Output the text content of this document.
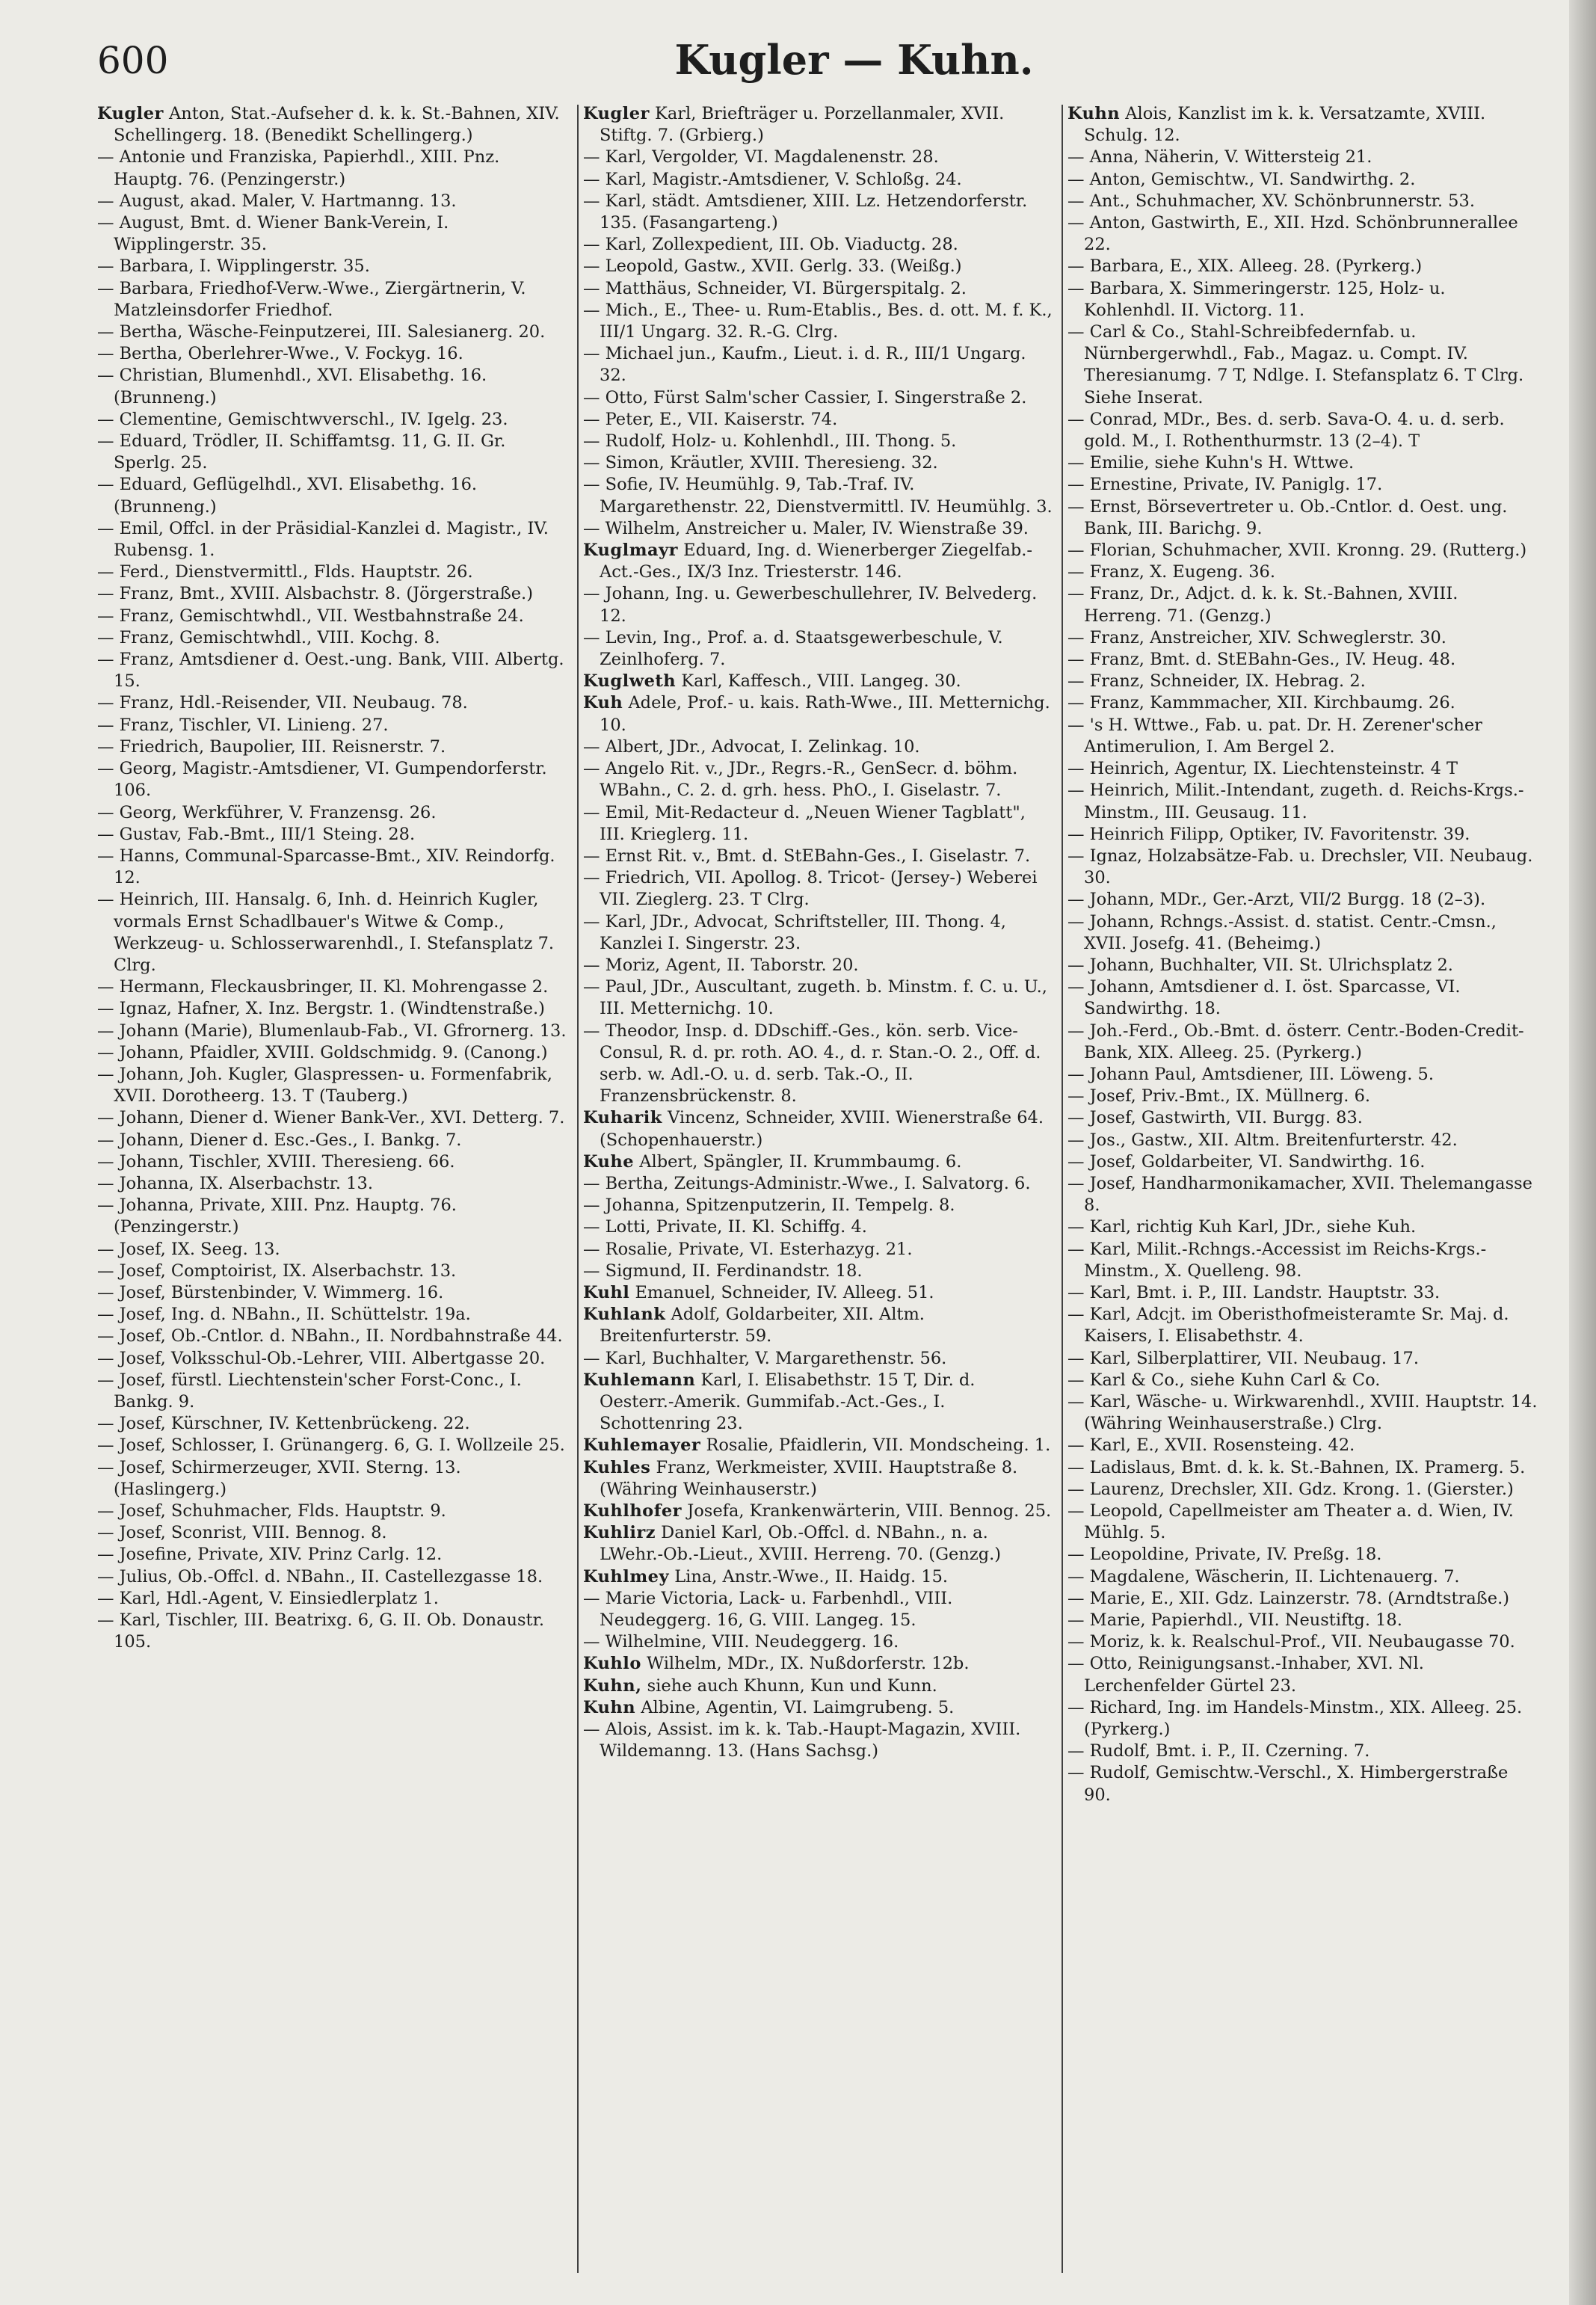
600	Kugler — Kuhn.

Kugler Anton, Stat.-Aufseher d. k. k. St.-Bahnen, XIV. Schellingerg. 18. (Benedikt Schellingerg.)

— Antonie und Franziska, Papierhdl., XIII. Pnz. Hauptg. 76. (Penzingerstr.)

— August, akad. Maler, V. Hartmanng. 13.

— August, Bmt. d. Wiener Bank-Verein, I. Wipplingerstr. 35.

— Barbara, I. Wipplingerstr. 35.

— Barbara, Friedhof-Verw.-Wwe., Ziergärtnerin, V. Matzleinsdorfer Friedhof.

— Bertha, Wäsche-Feinputzerei, III. Salesianerg. 20.

— Bertha, Oberlehrer-Wwe., V. Fockyg. 16.

— Christian, Blumenhdl., XVI. Elisabethg. 16. (Brunneng.)

— Clementine, Gemischtwverschl., IV. Igelg. 23.

— Eduard, Trödler, II. Schiffamtsg. 11, G. II. Gr. Sperlg. 25.

— Eduard, Geflügelhdl., XVI. Elisabethg. 16. (Brunneng.)

— Emil, Offcl. in der Präsidial-Kanzlei d. Magistr., IV. Rubensg. 1.

— Ferd., Dienstvermittl., Flds. Hauptstr. 26.

— Franz, Bmt., XVIII. Alsbachstr. 8. (Jörgerstraße.)

— Franz, Gemischtwhdl., VII. Westbahnstraße 24.

— Franz, Gemischtwhdl., VIII. Kochg. 8.

— Franz, Amtsdiener d. Oest.-ung. Bank, VIII. Albertg. 15.

— Franz, Hdl.-Reisender, VII. Neubaug. 78.

— Franz, Tischler, VI. Linieng. 27.

— Friedrich, Baupolier, III. Reisnerstr. 7.

— Georg, Magistr.-Amtsdiener, VI. Gumpendorferstr. 106.

— Georg, Werkführer, V. Franzensg. 26.

— Gustav, Fab.-Bmt., III/1 Steing. 28.

— Hanns, Communal-Sparcasse-Bmt., XIV. Reindorfg. 12.

— Heinrich, III. Hansalg. 6, Inh. d. Heinrich Kugler, vormals Ernst Schadlbauer's Witwe & Comp., Werkzeug- u. Schlosserwarenhdl., I. Stefansplatz 7. Clrg.

— Hermann, Fleckausbringer, II. Kl. Mohrengasse 2.

— Ignaz, Hafner, X. Inz. Bergstr. 1. (Windtenstraße.)

— Johann (Marie), Blumenlaub-Fab., VI. Gfrornerg. 13.

— Johann, Pfaidler, XVIII. Goldschmidg. 9. (Canong.)

— Johann, Joh. Kugler, Glaspressen- u. Formenfabrik, XVII. Dorotheerg. 13. T (Tauberg.)

— Johann, Diener d. Wiener Bank-Ver., XVI. Detterg. 7.

— Johann, Diener d. Esc.-Ges., I. Bankg. 7.

— Johann, Tischler, XVIII. Theresieng. 66.

— Johanna, IX. Alserbachstr. 13.

— Johanna, Private, XIII. Pnz. Hauptg. 76. (Penzingerstr.)

— Josef, IX. Seeg. 13.

— Josef, Comptoirist, IX. Alserbachstr. 13.

— Josef, Bürstenbinder, V. Wimmerg. 16.

— Josef, Ing. d. NBahn., II. Schüttelstr. 19a.

— Josef, Ob.-Cntlor. d. NBahn., II. Nordbahnstraße 44.

— Josef, Volksschul-Ob.-Lehrer, VIII. Albertgasse 20.

— Josef, fürstl. Liechtenstein'scher Forst-Conc., I. Bankg. 9.

— Josef, Kürschner, IV. Kettenbrückeng. 22.

— Josef, Schlosser, I. Grünangerg. 6, G. I. Wollzeile 25.

— Josef, Schirmerzeuger, XVII. Sterng. 13. (Haslingerg.)

— Josef, Schuhmacher, Flds. Hauptstr. 9.

— Josef, Sconrist, VIII. Bennog. 8.

— Josefine, Private, XIV. Prinz Carlg. 12.

— Julius, Ob.-Offcl. d. NBahn., II. Castellezgasse 18.

— Karl, Hdl.-Agent, V. Einsiedlerplatz 1.

— Karl, Tischler, III. Beatrixg. 6, G. II. Ob. Donaustr. 105.

Kugler Karl, Briefträger u. Porzellanmaler, XVII. Stiftg. 7. (Grbierg.)

— Karl, Vergolder, VI. Magdalenenstr. 28.

— Karl, Magistr.-Amtsdiener, V. Schloßg. 24.

— Karl, städt. Amtsdiener, XIII. Lz. Hetzendorferstr. 135. (Fasangarteng.)

— Karl, Zollexpedient, III. Ob. Viaductg. 28.

— Leopold, Gastw., XVII. Gerlg. 33. (Weißg.)

— Matthäus, Schneider, VI. Bürgerspitalg. 2.

— Mich., E., Thee- u. Rum-Etablis., Bes. d. ott. M. f. K., III/1 Ungarg. 32. R.-G. Clrg.

— Michael jun., Kaufm., Lieut. i. d. R., III/1 Ungarg. 32.

— Otto, Fürst Salm'scher Cassier, I. Singerstraße 2.

— Peter, E., VII. Kaiserstr. 74.

— Rudolf, Holz- u. Kohlenhdl., III. Thong. 5.

— Simon, Kräutler, XVIII. Theresieng. 32.

— Sofie, IV. Heumühlg. 9, Tab.-Traf. IV. Margarethenstr. 22, Dienstvermittl. IV. Heumühlg. 3.

— Wilhelm, Anstreicher u. Maler, IV. Wienstraße 39.

Kuglmayr Eduard, Ing. d. Wienerberger Ziegelfab.-Act.-Ges., IX/3 Inz. Triesterstr. 146.

— Johann, Ing. u. Gewerbeschullehrer, IV. Belvederg. 12.

— Levin, Ing., Prof. a. d. Staatsgewerbeschule, V. Zeinlhoferg. 7.

Kuglweth Karl, Kaffesch., VIII. Langeg. 30.

Kuh Adele, Prof.- u. kais. Rath-Wwe., III. Metternichg. 10.

— Albert, JDr., Advocat, I. Zelinkag. 10.

— Angelo Rit. v., JDr., Regrs.-R., GenSecr. d. böhm. WBahn., C. 2. d. grh. hess. PhO., I. Giselastr. 7.

— Emil, Mit-Redacteur d. „Neuen Wiener Tagblatt", III. Krieglerg. 11.

— Ernst Rit. v., Bmt. d. StEBahn-Ges., I. Giselastr. 7.

— Friedrich, VII. Apollog. 8. Tricot- (Jersey-) Weberei VII. Zieglerg. 23. T Clrg.

— Karl, JDr., Advocat, Schriftsteller, III. Thong. 4, Kanzlei I. Singerstr. 23.

— Moriz, Agent, II. Taborstr. 20.

— Paul, JDr., Auscultant, zugeth. b. Minstm. f. C. u. U., III. Metternichg. 10.

— Theodor, Insp. d. DDschiff.-Ges., kön. serb. Vice-Consul, R. d. pr. roth. AO. 4., d. r. Stan.-O. 2., Off. d. serb. w. Adl.-O. u. d. serb. Tak.-O., II. Franzensbrückenstr. 8.

Kuharik Vincenz, Schneider, XVIII. Wienerstraße 64. (Schopenhauerstr.)

Kuhe Albert, Spängler, II. Krummbaumg. 6.

— Bertha, Zeitungs-Administr.-Wwe., I. Salvatorg. 6.

— Johanna, Spitzenputzerin, II. Tempelg. 8.

— Lotti, Private, II. Kl. Schiffg. 4.

— Rosalie, Private, VI. Esterhazyg. 21.

— Sigmund, II. Ferdinandstr. 18.

Kuhl Emanuel, Schneider, IV. Alleeg. 51.

Kuhlank Adolf, Goldarbeiter, XII. Altm. Breitenfurterstr. 59.

— Karl, Buchhalter, V. Margarethenstr. 56.

Kuhlemann Karl, I. Elisabethstr. 15 T, Dir. d. Oesterr.-Amerik. Gummifab.-Act.-Ges., I. Schottenring 23.

Kuhlemayer Rosalie, Pfaidlerin, VII. Mondscheing. 1.

Kuhles Franz, Werkmeister, XVIII. Hauptstraße 8. (Währing Weinhauserstr.)

Kuhlhofer Josefa, Krankenwärterin, VIII. Bennog. 25.

Kuhlirz Daniel Karl, Ob.-Offcl. d. NBahn., n. a. LWehr.-Ob.-Lieut., XVIII. Herreng. 70. (Genzg.)

Kuhlmey Lina, Anstr.-Wwe., II. Haidg. 15.

— Marie Victoria, Lack- u. Farbenhdl., VIII. Neudeggerg. 16, G. VIII. Langeg. 15.

— Wilhelmine, VIII. Neudeggerg. 16.

Kuhlo Wilhelm, MDr., IX. Nußdorferstr. 12b.

Kuhn, siehe auch Khunn, Kun und Kunn.

Kuhn Albine, Agentin, VI. Laimgrubeng. 5.

— Alois, Assist. im k. k. Tab.-Haupt-Magazin, XVIII. Wildemanng. 13. (Hans Sachsg.)

Kuhn Alois, Kanzlist im k. k. Versatzamte, XVIII. Schulg. 12.

— Anna, Näherin, V. Wittersteig 21.

— Anton, Gemischtw., VI. Sandwirthg. 2.

— Ant., Schuhmacher, XV. Schönbrunnerstr. 53.

— Anton, Gastwirth, E., XII. Hzd. Schönbrunnerallee 22.

— Barbara, E., XIX. Alleeg. 28. (Pyrkerg.)

— Barbara, X. Simmeringerstr. 125, Holz- u. Kohlenhdl. II. Victorg. 11.

— Carl & Co., Stahl-Schreibfedernfab. u. Nürnbergerwhdl., Fab., Magaz. u. Compt. IV. Theresianumg. 7 T, Ndlge. I. Stefansplatz 6. T Clrg. Siehe Inserat.

— Conrad, MDr., Bes. d. serb. Sava-O. 4. u. d. serb. gold. M., I. Rothenthurmstr. 13 (2–4). T

— Emilie, siehe Kuhn's H. Wttwe.

— Ernestine, Private, IV. Paniglg. 17.

— Ernst, Börsevertreter u. Ob.-Cntlor. d. Oest. ung. Bank, III. Barichg. 9.

— Florian, Schuhmacher, XVII. Kronng. 29. (Rutterg.)

— Franz, X. Eugeng. 36.

— Franz, Dr., Adjct. d. k. k. St.-Bahnen, XVIII. Herreng. 71. (Genzg.)

— Franz, Anstreicher, XIV. Schweglerstr. 30.

— Franz, Bmt. d. StEBahn-Ges., IV. Heug. 48.

— Franz, Schneider, IX. Hebrag. 2.

— Franz, Kammmacher, XII. Kirchbaumg. 26.

— 's H. Wttwe., Fab. u. pat. Dr. H. Zerener'scher Antimerulion, I. Am Bergel 2.

— Heinrich, Agentur, IX. Liechtensteinstr. 4 T

— Heinrich, Milit.-Intendant, zugeth. d. Reichs-Krgs.-Minstm., III. Geusaug. 11.

— Heinrich Filipp, Optiker, IV. Favoritenstr. 39.

— Ignaz, Holzabsätze-Fab. u. Drechsler, VII. Neubaug. 30.

— Johann, MDr., Ger.-Arzt, VII/2 Burgg. 18 (2–3).

— Johann, Rchngs.-Assist. d. statist. Centr.-Cmsn., XVII. Josefg. 41. (Beheimg.)

— Johann, Buchhalter, VII. St. Ulrichsplatz 2.

— Johann, Amtsdiener d. I. öst. Sparcasse, VI. Sandwirthg. 18.

— Joh.-Ferd., Ob.-Bmt. d. österr. Centr.-Boden-Credit-Bank, XIX. Alleeg. 25. (Pyrkerg.)

— Johann Paul, Amtsdiener, III. Löweng. 5.

— Josef, Priv.-Bmt., IX. Müllnerg. 6.

— Josef, Gastwirth, VII. Burgg. 83.

— Jos., Gastw., XII. Altm. Breitenfurterstr. 42.

— Josef, Goldarbeiter, VI. Sandwirthg. 16.

— Josef, Handharmonikamacher, XVII. Thelemangasse 8.

— Karl, richtig Kuh Karl, JDr., siehe Kuh.

— Karl, Milit.-Rchngs.-Accessist im Reichs-Krgs.-Minstm., X. Quelleng. 98.

— Karl, Bmt. i. P., III. Landstr. Hauptstr. 33.

— Karl, Adcjt. im Oberisthofmeisteramte Sr. Maj. d. Kaisers, I. Elisabethstr. 4.

— Karl, Silberplattirer, VII. Neubaug. 17.

— Karl & Co., siehe Kuhn Carl & Co.

— Karl, Wäsche- u. Wirkwarenhdl., XVIII. Hauptstr. 14. (Währing Weinhauserstraße.) Clrg.

— Karl, E., XVII. Rosensteing. 42.

— Ladislaus, Bmt. d. k. k. St.-Bahnen, IX. Pramerg. 5.

— Laurenz, Drechsler, XII. Gdz. Krong. 1. (Gierster.)

— Leopold, Capellmeister am Theater a. d. Wien, IV. Mühlg. 5.

— Leopoldine, Private, IV. Preßg. 18.

— Magdalene, Wäscherin, II. Lichtenauerg. 7.

— Marie, E., XII. Gdz. Lainzerstr. 78. (Arndtstraße.)

— Marie, Papierhdl., VII. Neustiftg. 18.

— Moriz, k. k. Realschul-Prof., VII. Neubaugasse 70.

— Otto, Reinigungsanst.-Inhaber, XVI. Nl. Lerchenfelder Gürtel 23.

— Richard, Ing. im Handels-Minstm., XIX. Alleeg. 25. (Pyrkerg.)

— Rudolf, Bmt. i. P., II. Czerning. 7.

— Rudolf, Gemischtw.-Verschl., X. Himbergerstraße 90.
